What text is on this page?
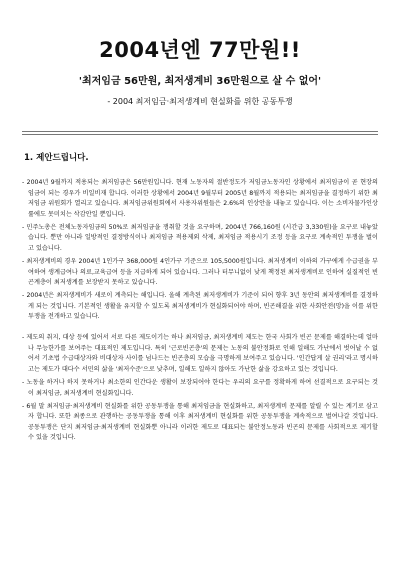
2004년엔 77만원!!
'최저임금 56만원, 최저생계비 36만원으로 살 수 없어'
- 2004 최저임금·최저생계비 현실화를 위한 공동투쟁
1. 제안드립니다.

- 2004년 9월까지 적용되는 최저임금은 56만원입니다. 현재 노동자의 절반정도가 저임금노동자인 상황에서 최저임금이 곧 현장의 임금이 되는 경우가 비일비재 합니다. 이러한 상황에서 2004년 9월부터 2005년 8월까지 적용되는 최저임금을 결정하기 위한 최저임금 위원회가 열리고 있습니다. 최저임금위원회에서 사용자위원들은 2.6%의 인상안을 내놓고 있습니다. 이는 소비자물가인상률에도 못미치는 삭감안일 뿐입니다.

- 민주노총은 전체노동자임금의 50%로 최저임금을 쟁취할 것을 요구하며, 2004년 766,160원 (시간급 3,330원)을 요구로 내놓았습니다. 뿐만 아니라 일방적인 결정방식이나 최저임금 적용제외 삭제, 최저임금 적용시기 조정 등을 요구로 계속적인 투쟁을 벌이고 있습니다.

- 최저생계비의 경우 2004년 1인가구 368,000원 4인가구 기준으로 105,5000원입니다. 최저생계비 이하의 가구에게 수급권을 부여하여 생계급여나 의료,교육급여 등을 지급하게 되어 있습니다. 그러나 터무니없이 낮게 책정된 최저생계비로 인하여 실질적인 빈곤계층이 최저생계를 보장받지 못하고 있습니다.

- 2004년은 최저생계비가 새로이 계측되는 해입니다. 올해 계측된 최저생계비가 기준이 되어 향후 3년 동안의 최저생계비를 결정하게 되는 것입니다. 기본적인 생활을 유지할 수 있도록 최저생계비가 현실화되어야 하며, 빈곤해결을 위한 사회안전(망)을 이를 위한 투쟁을 전개하고 있습니다.

- 제도의 취지, 대상 등에 있어서 서로 다른 제도이기는 하나 최저임금, 최저생계비 제도는 한국 사회가 빈곤 문제를 해결하는데 얼마나 무능한가를 보여주는 대표적인 제도입니다. 특히 '근로빈곤층'의 문제는 노동의 불안정화로 인해 일해도 가난에서 벗어날 수 없어서 기초법 수급대상자와 비대상자 사이를 넘나드는 빈곤층의 모습을 극명하게 보여주고 있습니다. '인간답게 살 권리'라고 명시하고는 제도가 대다수 서민의 삶을 '최저수준'으로 낮추며, 일해도 일하지 않아도 가난한 삶을 강요하고 있는 것입니다.

- 노동을 하거나 하지 못하거나 최소한의 인간다운 생활이 보장되어야 한다는 우리의 요구를 정확하게 하여 선결적으로 요구되는 것이 최저임금, 최저생계비 현실화입니다.

- 6월 말 최저임금·최저생계비 현실화를 위한 공동투쟁을 통해 최저임금을 현실화하고, 최저생계비 문제를 알릴 수 있는 계기로 삼고자 합니다. 또한 최종으로 관행하는 공동투쟁을 통해 이후 최저생계비 현실화를 위한 공동투쟁을 계속적으로 벌여나갈 것입니다. 공동투쟁은 단지 최저임금·최저생계비 현실화뿐 아니라 이러한 제도로 대표되는 불안정노동과 빈곤의 문제를 사회적으로 제기할 수 있을 것입니다.
